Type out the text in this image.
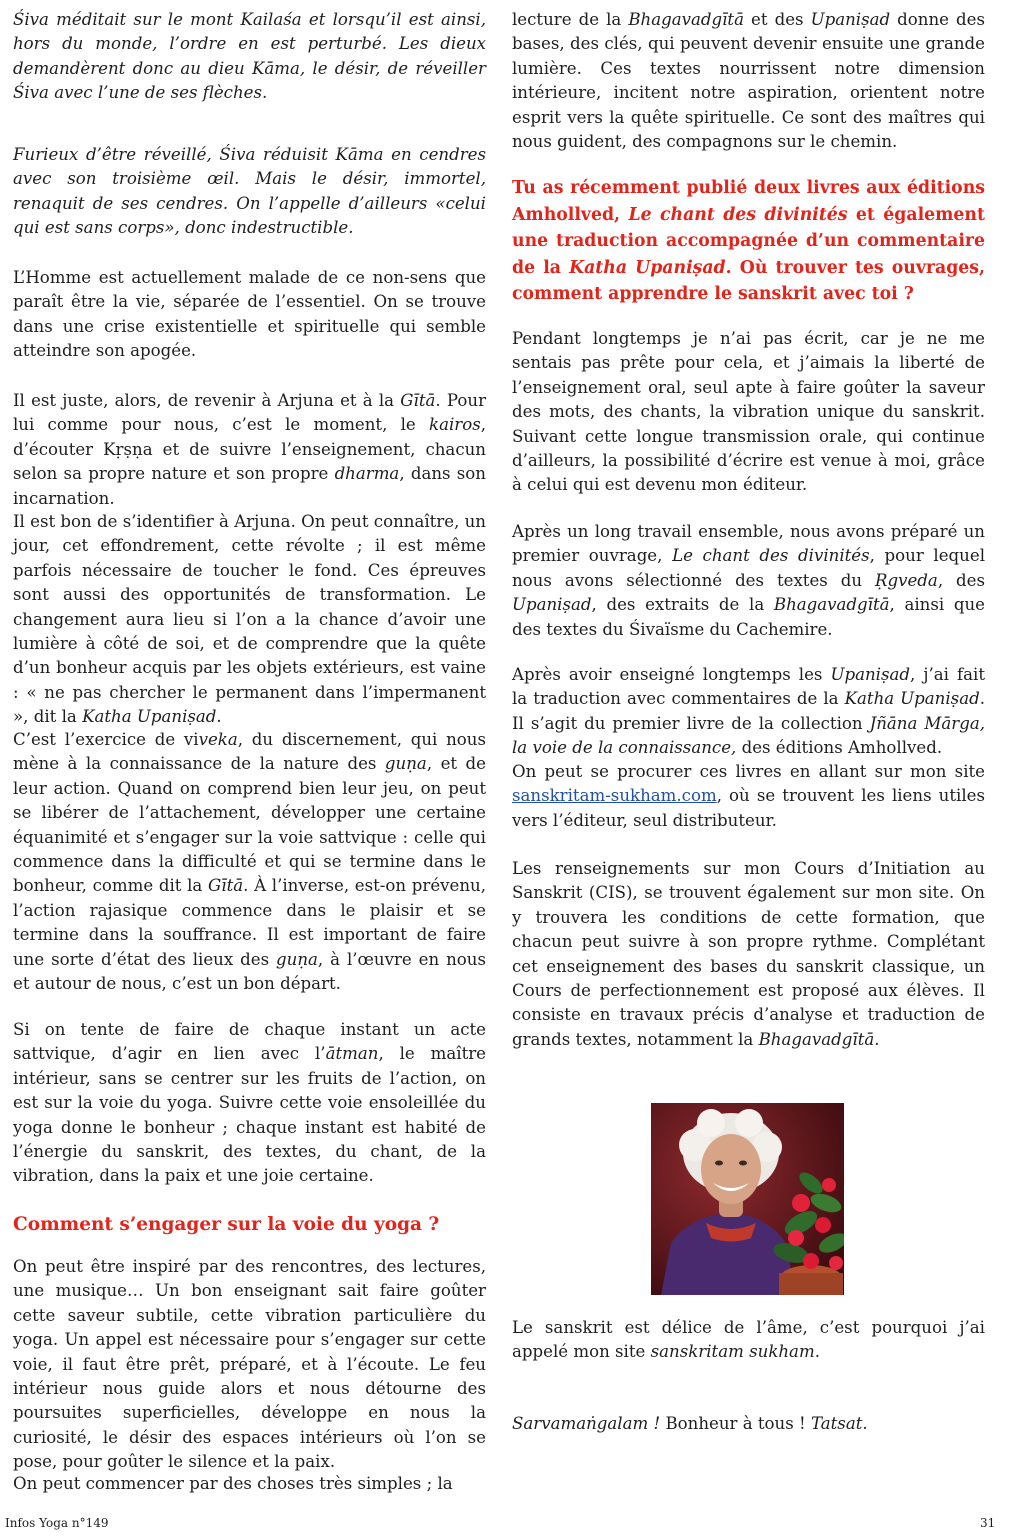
Śiva méditait sur le mont Kailaśa et lorsqu’il est ainsi, hors du monde, l’ordre en est perturbé. Les dieux demandèrent donc au dieu Kāma, le désir, de réveiller Śiva avec l’une de ses flèches.

Furieux d’être réveillé, Śiva réduisit Kāma en cendres avec son troisième œil. Mais le désir, immortel, renaquit de ses cendres. On l’appelle d’ailleurs «celui qui est sans corps», donc indestructible.

L’Homme est actuellement malade de ce non-sens que paraît être la vie, séparée de l’essentiel. On se trouve dans une crise existentielle et spirituelle qui semble atteindre son apogée.

Il est juste, alors, de revenir à Arjuna et à la Gītā. Pour lui comme pour nous, c’est le moment, le kairos, d’écouter Kṛṣṇa et de suivre l’enseignement, chacun selon sa propre nature et son propre dharma, dans son incarnation.

Il est bon de s’identifier à Arjuna. On peut connaître, un jour, cet effondrement, cette révolte ; il est même parfois nécessaire de toucher le fond. Ces épreuves sont aussi des opportunités de transformation. Le changement aura lieu si l’on a la chance d’avoir une lumière à côté de soi, et de comprendre que la quête d’un bonheur acquis par les objets extérieurs, est vaine : « ne pas chercher le permanent dans l’impermanent », dit la Katha Upaniṣad.

C’est l’exercice de viveka, du discernement, qui nous mène à la connaissance de la nature des guṇa, et de leur action. Quand on comprend bien leur jeu, on peut se libérer de l’attachement, développer une certaine équanimité et s’engager sur la voie sattvique : celle qui commence dans la difficulté et qui se termine dans le bonheur, comme dit la Gītā. À l’inverse, est-on prévenu, l’action rajasique commence dans le plaisir et se termine dans la souffrance. Il est important de faire une sorte d’état des lieux des guṇa, à l’œuvre en nous et autour de nous, c’est un bon départ.

Si on tente de faire de chaque instant un acte sattvique, d’agir en lien avec l’ātman, le maître intérieur, sans se centrer sur les fruits de l’action, on est sur la voie du yoga. Suivre cette voie ensoleillée du yoga donne le bonheur ; chaque instant est habité de l’énergie du sanskrit, des textes, du chant, de la vibration, dans la paix et une joie certaine.

Comment s’engager sur la voie du yoga ?

On peut être inspiré par des rencontres, des lectures, une musique… Un bon enseignant sait faire goûter cette saveur subtile, cette vibration particulière du yoga. Un appel est nécessaire pour s’engager sur cette voie, il faut être prêt, préparé, et à l’écoute. Le feu intérieur nous guide alors et nous détourne des poursuites superficielles, développe en nous la curiosité, le désir des espaces intérieurs où l’on se pose, pour goûter le silence et la paix.

On peut commencer par des choses très simples ; la

lecture de la Bhagavadgītā et des Upaniṣad donne des bases, des clés, qui peuvent devenir ensuite une grande lumière. Ces textes nourrissent notre dimension intérieure, incitent notre aspiration, orientent notre esprit vers la quête spirituelle. Ce sont des maîtres qui nous guident, des compagnons sur le chemin.

Tu as récemment publié deux livres aux éditions Amhollved, Le chant des divinités et également une traduction accompagnée d’un commentaire de la Katha Upaniṣad. Où trouver tes ouvrages, comment apprendre le sanskrit avec toi ?

Pendant longtemps je n’ai pas écrit, car je ne me sentais pas prête pour cela, et j’aimais la liberté de l’enseignement oral, seul apte à faire goûter la saveur des mots, des chants, la vibration unique du sanskrit. Suivant cette longue transmission orale, qui continue d’ailleurs, la possibilité d’écrire est venue à moi, grâce à celui qui est devenu mon éditeur.

Après un long travail ensemble, nous avons préparé un premier ouvrage, Le chant des divinités, pour lequel nous avons sélectionné des textes du Ṛgveda, des Upaniṣad, des extraits de la Bhagavadgītā, ainsi que des textes du Śivaïsme du Cachemire.

Après avoir enseigné longtemps les Upaniṣad, j’ai fait la traduction avec commentaires de la Katha Upaniṣad. Il s’agit du premier livre de la collection Jñāna Mārga, la voie de la connaissance, des éditions Amhollved.

On peut se procurer ces livres en allant sur mon site sanskritam-sukham.com, où se trouvent les liens utiles vers l’éditeur, seul distributeur.

Les renseignements sur mon Cours d’Initiation au Sanskrit (CIS), se trouvent également sur mon site. On y trouvera les conditions de cette formation, que chacun peut suivre à son propre rythme. Complétant cet enseignement des bases du sanskrit classique, un Cours de perfectionnement est proposé aux élèves. Il consiste en travaux précis d’analyse et traduction de grands textes, notamment la Bhagavadgītā.

Le sanskrit est délice de l’âme, c’est pourquoi j’ai appelé mon site sanskritam sukham.

Sarvamaṅgalam ! Bonheur à tous ! Tatsat.

Infos Yoga n°149	31
